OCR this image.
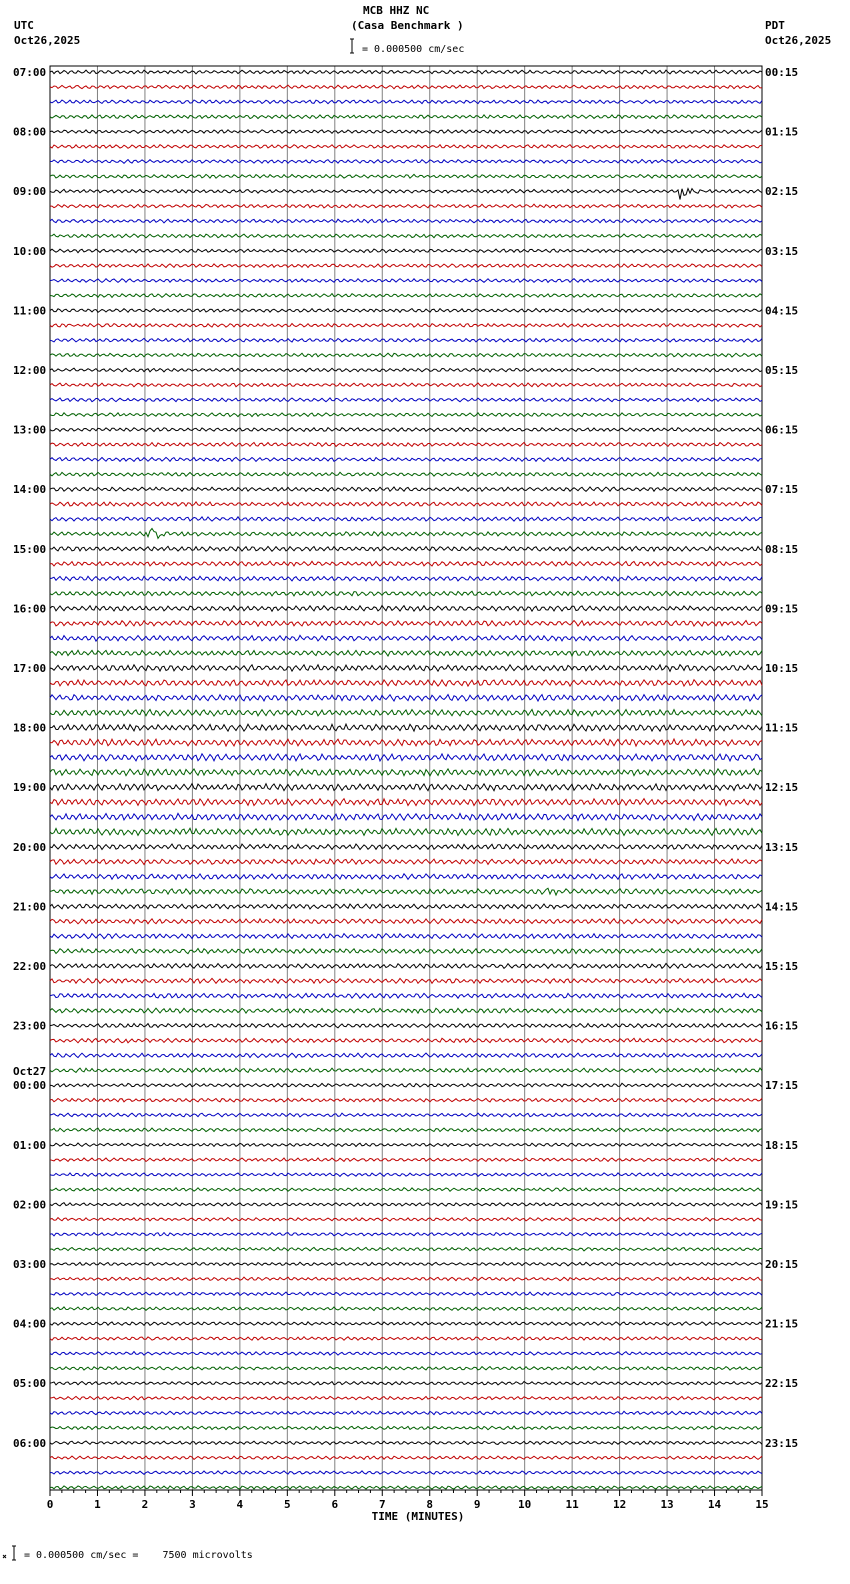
MCB HHZ NC
(Casa Benchmark )
UTC
Oct26,2025
PDT
Oct26,2025
= 0.000500 cm/sec
= 0.000500 cm/sec =    7500 microvolts
07:00
08:00
09:00
10:00
11:00
12:00
13:00
14:00
15:00
16:00
17:00
18:00
19:00
20:00
21:00
22:00
23:00
00:00
Oct27
01:00
02:00
03:00
04:00
05:00
06:00
00:15
01:15
02:15
03:15
04:15
05:15
06:15
07:15
08:15
09:15
10:15
11:15
12:15
13:15
14:15
15:15
16:15
17:15
18:15
19:15
20:15
21:15
22:15
23:15
0	1	2	3	4	5	6	7	8	9	10	11	12	13	14	15
TIME (MINUTES)
